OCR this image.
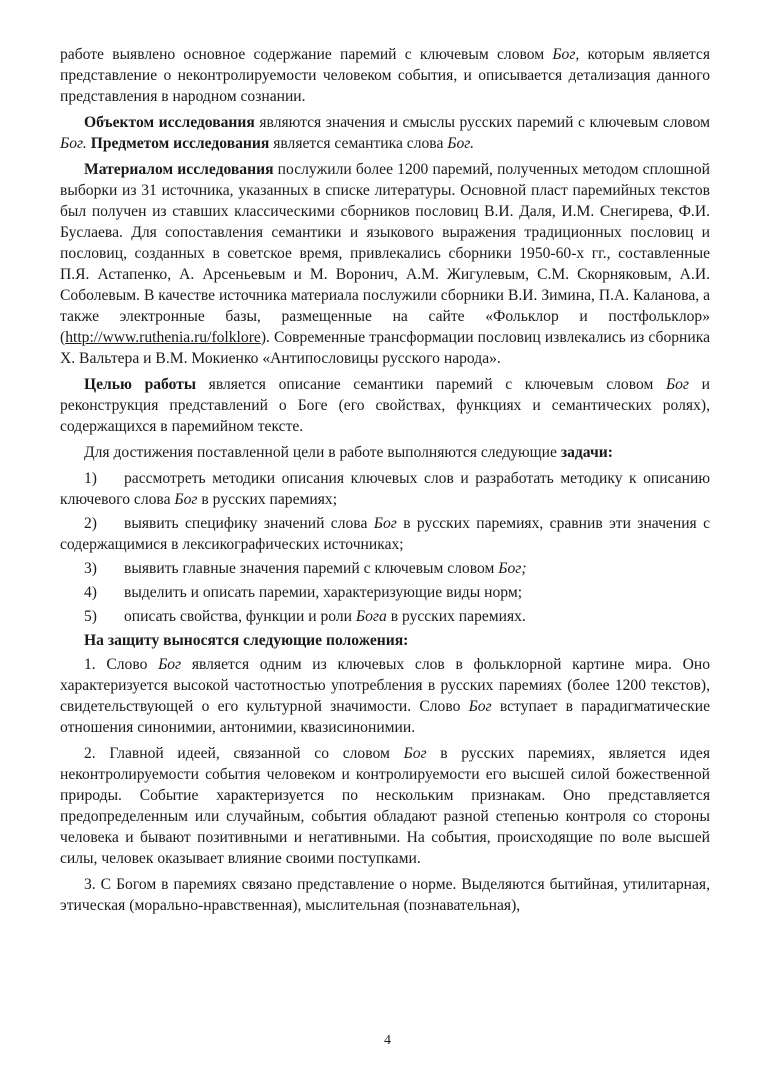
работе выявлено основное содержание паремий с ключевым словом Бог, которым является представление о неконтролируемости человеком события, и описывается детализация данного представления в народном сознании.

Объектом исследования являются значения и смыслы русских паремий с ключевым словом Бог. Предметом исследования является семантика слова Бог.

Материалом исследования послужили более 1200 паремий, полученных методом сплошной выборки из 31 источника, указанных в списке литературы. Основной пласт паремийных текстов был получен из ставших классическими сборников пословиц В.И. Даля, И.М. Снегирева, Ф.И. Буслаева. Для сопоставления семантики и языкового выражения традиционных пословиц и пословиц, созданных в советское время, привлекались сборники 1950-60-х гг., составленные П.Я. Астапенко, А. Арсеньевым и М. Воронич, А.М. Жигулевым, С.М. Скорняковым, А.И. Соболевым. В качестве источника материала послужили сборники В.И. Зимина, П.А. Каланова, а также электронные базы, размещенные на сайте «Фольклор и постфольклор» (http://www.ruthenia.ru/folklore). Современные трансформации пословиц извлекались из сборника Х. Вальтера и В.М. Мокиенко «Антипословицы русского народа».

Целью работы является описание семантики паремий с ключевым словом Бог и реконструкция представлений о Боге (его свойствах, функциях и семантических ролях), содержащихся в паремийном тексте.

Для достижения поставленной цели в работе выполняются следующие задачи:

1) рассмотреть методики описания ключевых слов и разработать методику к описанию ключевого слова Бог в русских паремиях;

2) выявить специфику значений слова Бог в русских паремиях, сравнив эти значения с содержащимися в лексикографических источниках;

3) выявить главные значения паремий с ключевым словом Бог;

4) выделить и описать паремии, характеризующие виды норм;

5) описать свойства, функции и роли Бога в русских паремиях.

На защиту выносятся следующие положения:

1. Слово Бог является одним из ключевых слов в фольклорной картине мира. Оно характеризуется высокой частотностью употребления в русских паремиях (более 1200 текстов), свидетельствующей о его культурной значимости. Слово Бог вступает в парадигматические отношения синонимии, антонимии, квазисинонимии.

2. Главной идеей, связанной со словом Бог в русских паремиях, является идея неконтролируемости события человеком и контролируемости его высшей силой божественной природы. Событие характеризуется по нескольким признакам. Оно представляется предопределенным или случайным, события обладают разной степенью контроля со стороны человека и бывают позитивными и негативными. На события, происходящие по воле высшей силы, человек оказывает влияние своими поступками.

3. С Богом в паремиях связано представление о норме. Выделяются бытийная, утилитарная, этическая (морально-нравственная), мыслительная (познавательная),

4
